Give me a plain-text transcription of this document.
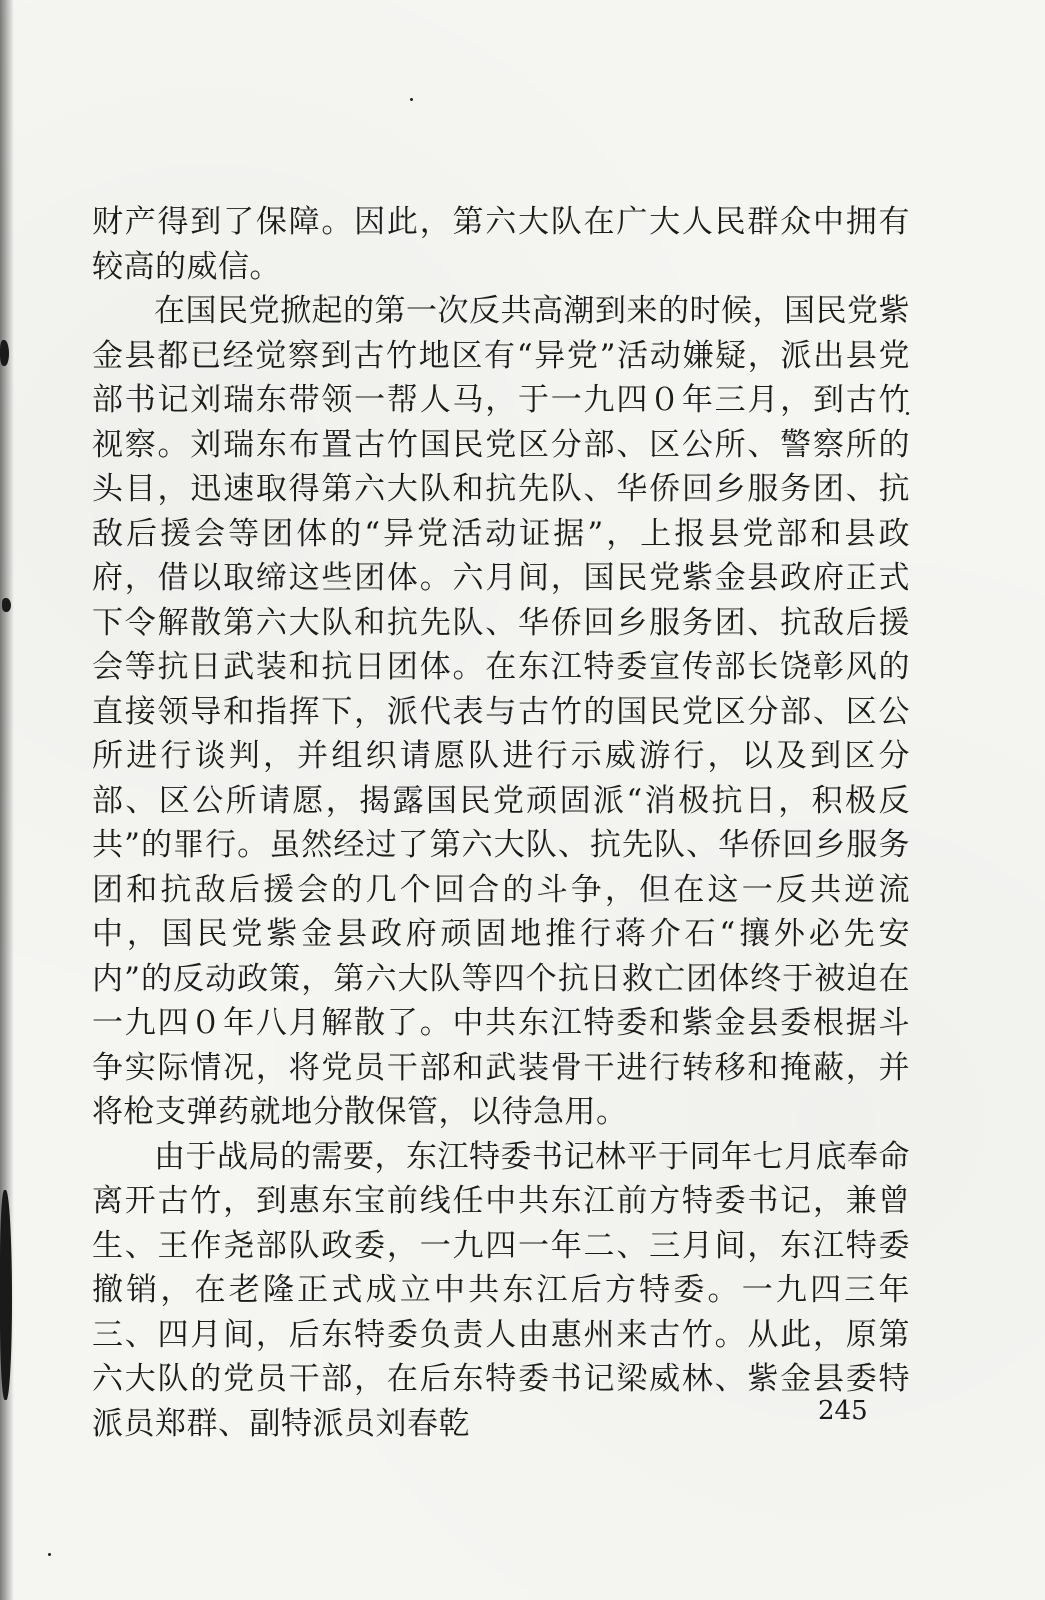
财产得到了保障。因此，第六大队在广大人民群众中拥有较高的威信。

在国民党掀起的第一次反共高潮到来的时候，国民党紫金县都已经觉察到古竹地区有“异党”活动嫌疑，派出县党部书记刘瑞东带领一帮人马，于一九四０年三月，到古竹视察。刘瑞东布置古竹国民党区分部、区公所、警察所的头目，迅速取得第六大队和抗先队、华侨回乡服务团、抗敌后援会等团体的“异党活动证据”，上报县党部和县政府，借以取缔这些团体。六月间，国民党紫金县政府正式下令解散第六大队和抗先队、华侨回乡服务团、抗敌后援会等抗日武装和抗日团体。在东江特委宣传部长饶彰风的直接领导和指挥下，派代表与古竹的国民党区分部、区公所进行谈判，并组织请愿队进行示威游行，以及到区分部、区公所请愿，揭露国民党顽固派“消极抗日，积极反共”的罪行。虽然经过了第六大队、抗先队、华侨回乡服务团和抗敌后援会的几个回合的斗争，但在这一反共逆流中，国民党紫金县政府顽固地推行蒋介石“攘外必先安内”的反动政策，第六大队等四个抗日救亡团体终于被迫在一九四０年八月解散了。中共东江特委和紫金县委根据斗争实际情况，将党员干部和武装骨干进行转移和掩蔽，并将枪支弹药就地分散保管，以待急用。

由于战局的需要，东江特委书记林平于同年七月底奉命离开古竹，到惠东宝前线任中共东江前方特委书记，兼曾生、王作尧部队政委，一九四一年二、三月间，东江特委撤销，在老隆正式成立中共东江后方特委。一九四三年三、四月间，后东特委负责人由惠州来古竹。从此，原第六大队的党员干部，在后东特委书记梁威林、紫金县委特派员郑群、副特派员刘春乾	245
